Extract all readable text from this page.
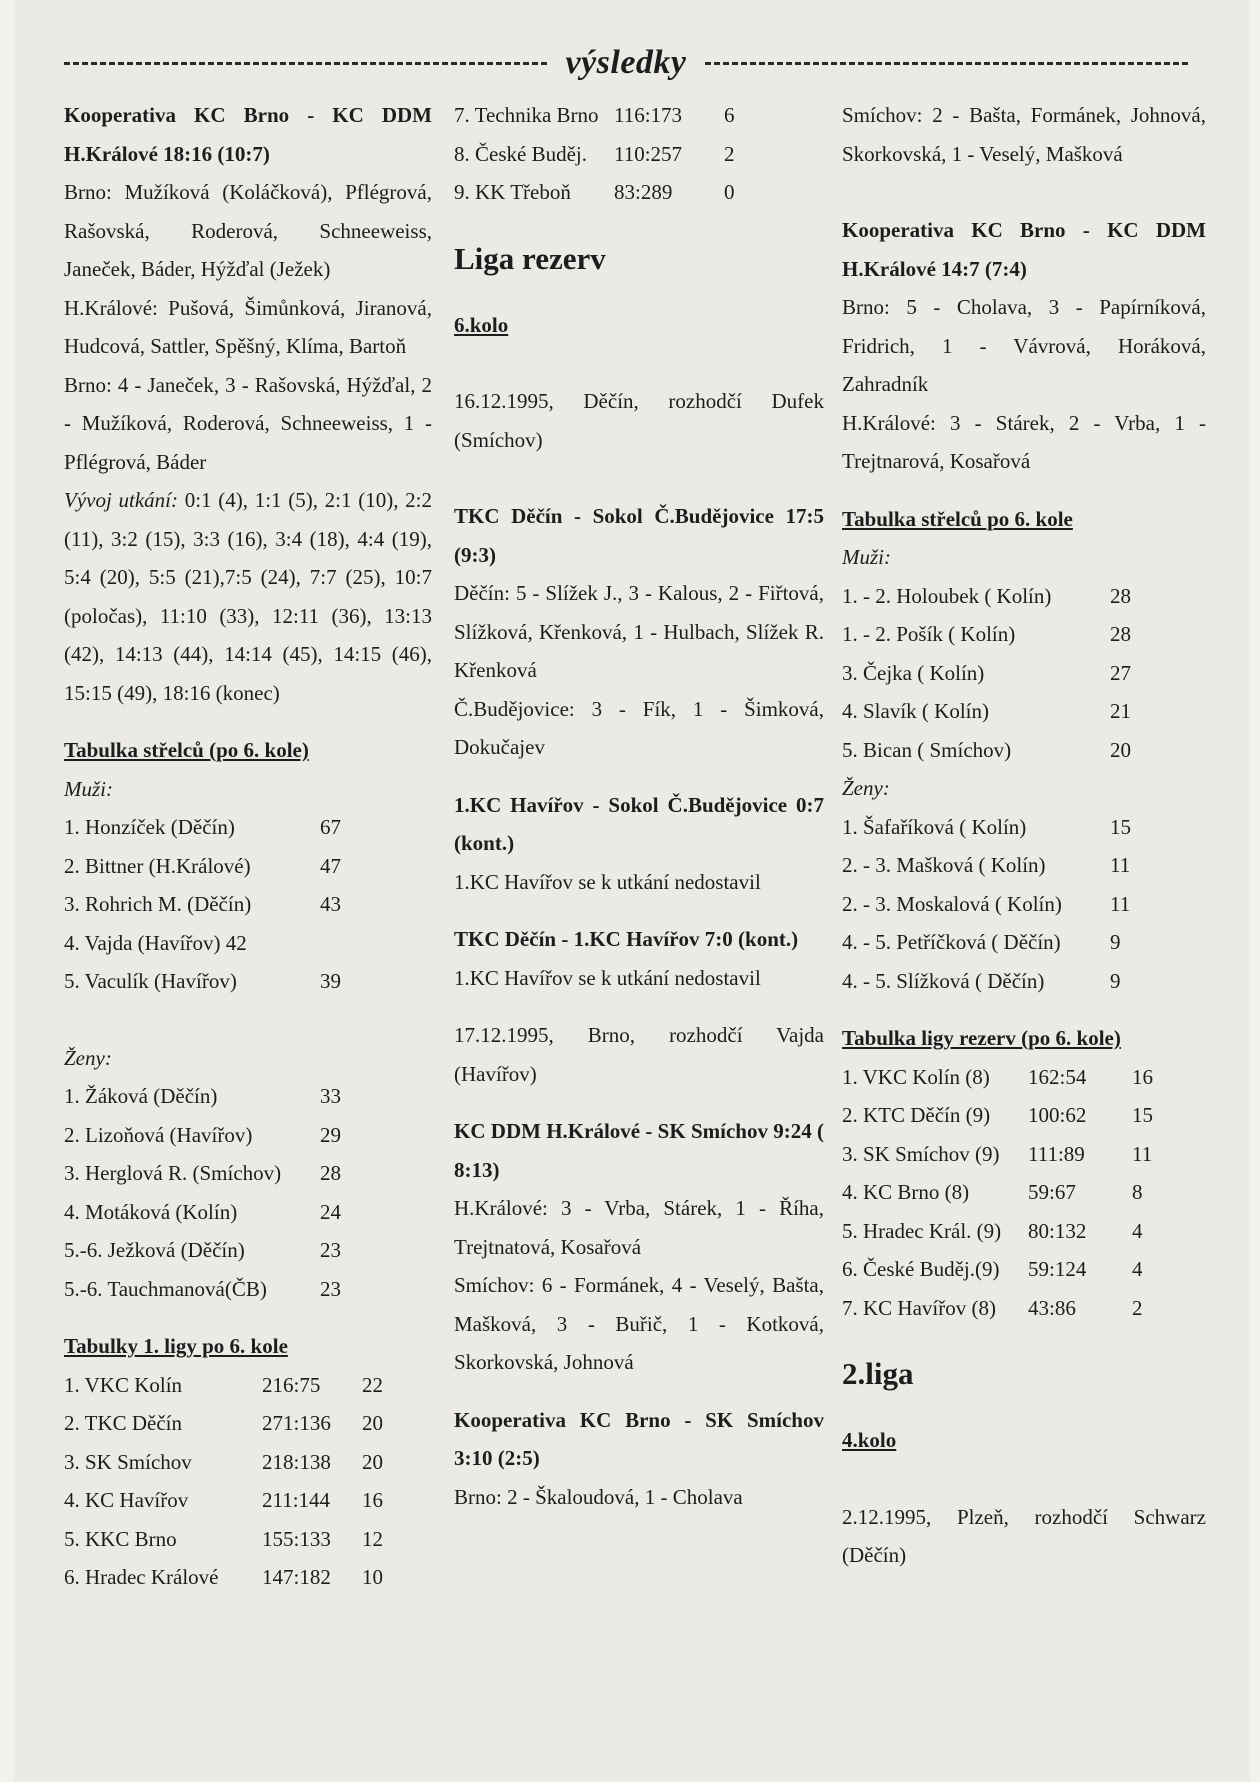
výsledky

Kooperativa KC Brno - KC DDM H.Králové 18:16 (10:7)

Brno: Mužíková (Koláčková), Pflégrová, Rašovská, Roderová, Schneeweiss, Janeček, Báder, Hýžďal (Ježek)

H.Králové: Pušová, Šimůnková, Jiranová, Hudcová, Sattler, Spěšný, Klíma, Bartoň

Brno: 4 - Janeček, 3 - Rašovská, Hýžďal, 2 - Mužíková, Roderová, Schneeweiss, 1 - Pflégrová, Báder

Vývoj utkání: 0:1 (4), 1:1 (5), 2:1 (10), 2:2 (11), 3:2 (15), 3:3 (16), 3:4 (18), 4:4 (19), 5:4 (20), 5:5 (21),7:5 (24), 7:7 (25), 10:7 (poločas), 11:10 (33), 12:11 (36), 13:13 (42), 14:13 (44), 14:14 (45), 14:15 (46), 15:15 (49), 18:16 (konec)

Tabulka střelců (po 6. kole)

Muži:

1. Honzíček (Děčín)	67
2. Bittner (H.Králové)	47
3. Rohrich M. (Děčín)	43
4. Vajda (Havířov) 42
5. Vaculík (Havířov)	39

Ženy:

1. Žáková (Děčín)	33
2. Lizoňová (Havířov)	29
3. Herglová R. (Smíchov)	28
4. Motáková (Kolín)	24
5.-6. Ježková (Děčín)	23
5.-6. Tauchmanová(ČB)	23

Tabulky 1. ligy po 6. kole

1. VKC Kolín	216:75	22
2. TKC Děčín	271:136	20
3. SK Smíchov	218:138	20
4. KC Havířov	211:144	16
5. KKC Brno	155:133	12
6. Hradec Králové	147:182	10
7. Technika Brno 116:173	6
8. České Buděj.	110:257	2
9. KK Třeboň	83:289	0

Liga rezerv

6.kolo

16.12.1995, Děčín, rozhodčí Dufek (Smíchov)

TKC Děčín - Sokol Č.Budějovice 17:5 (9:3)

Děčín: 5 - Slížek J., 3 - Kalous, 2 - Fiřtová, Slížková, Křenková, 1 - Hulbach, Slížek R. Křenková

Č.Budějovice: 3 - Fík, 1 - Šimková, Dokučajev

1.KC Havířov - Sokol Č.Budějovice 0:7 (kont.)

1.KC Havířov se k utkání nedostavil

TKC Děčín - 1.KC Havířov 7:0 (kont.)

1.KC Havířov se k utkání nedostavil

17.12.1995, Brno, rozhodčí Vajda (Havířov)

KC DDM H.Králové - SK Smíchov 9:24 ( 8:13)

H.Králové: 3 - Vrba, Stárek, 1 - Říha, Trejtnatová, Kosařová

Smíchov: 6 - Formánek, 4 - Veselý, Bašta, Mašková, 3 - Buřič, 1 - Kotková, Skorkovská, Johnová

Kooperativa KC Brno - SK Smíchov 3:10 (2:5)

Brno: 2 - Škaloudová, 1 - Cholava

Smíchov: 2 - Bašta, Formánek, Johnová, Skorkovská, 1 - Veselý, Mašková

Kooperativa KC Brno - KC DDM H.Králové 14:7 (7:4)

Brno: 5 - Cholava, 3 - Papírníková, Fridrich, 1 - Vávrová, Horáková, Zahradník

H.Králové: 3 - Stárek, 2 - Vrba, 1 - Trejtnarová, Kosařová

Tabulka střelců po 6. kole

Muži:

1. - 2. Holoubek ( Kolín)	28
1. - 2. Pošík ( Kolín)	28
3. Čejka ( Kolín)	27
4. Slavík ( Kolín)	21
5. Bican ( Smíchov)	20

Ženy:

1. Šafaříková ( Kolín)	15
2. - 3. Mašková ( Kolín)	11
2. - 3. Moskalová ( Kolín)	11
4. - 5. Petříčková ( Děčín)	9
4. - 5. Slížková ( Děčín)	9

Tabulka ligy rezerv (po 6. kole)

1. VKC Kolín (8)	162:54	16
2. KTC Děčín (9)	100:62	15
3. SK Smíchov (9)	111:89	11
4. KC Brno (8)	59:67	8
5. Hradec Král. (9)	80:132	4
6. České Buděj.(9)	59:124	4
7. KC Havířov (8)	43:86	2

2.liga

4.kolo

2.12.1995, Plzeň, rozhodčí Schwarz (Děčín)
